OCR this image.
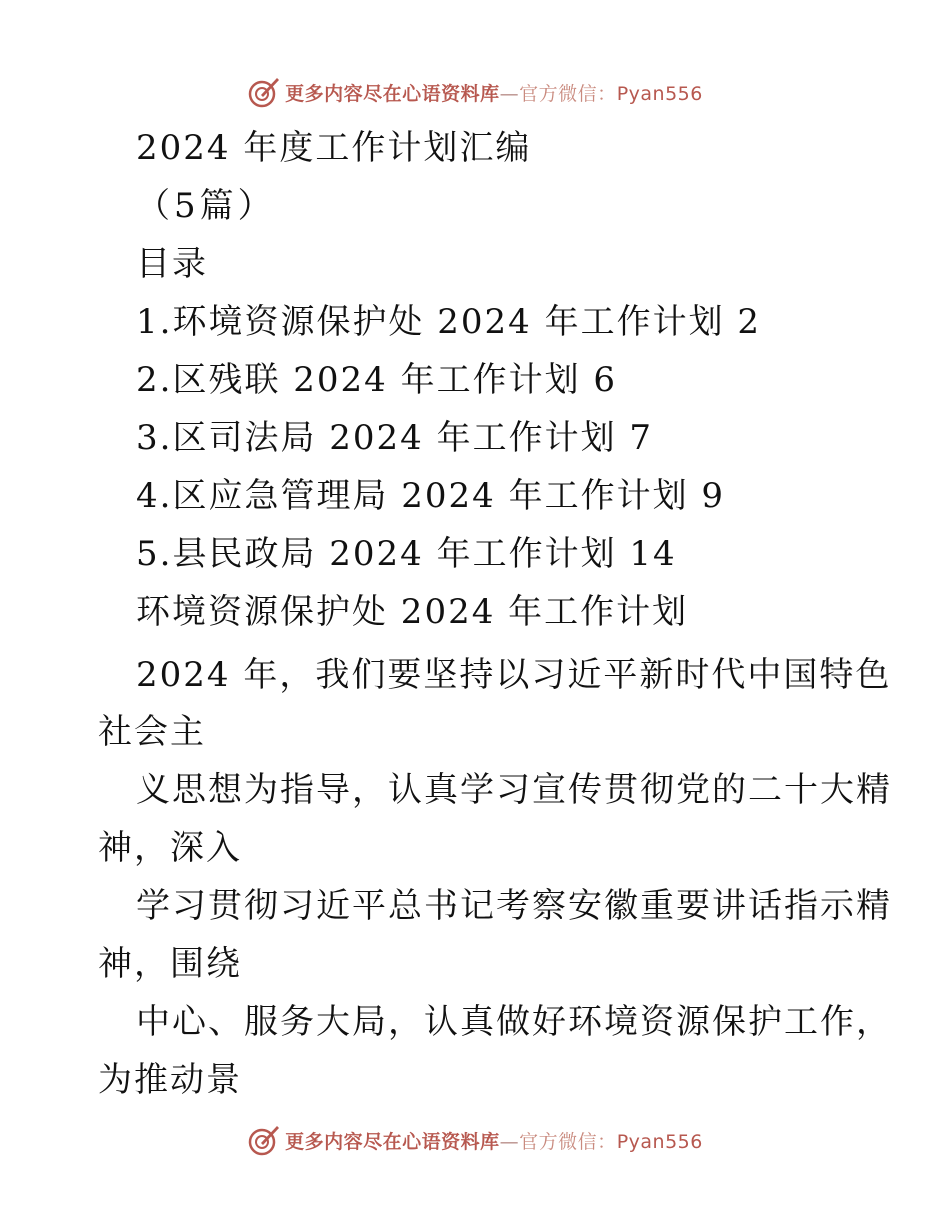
更多内容尽在心语资料库—官方微信：Pyan556
2024 年度工作计划汇编
（5篇）
目录
1.环境资源保护处 2024 年工作计划 2
2.区残联 2024 年工作计划 6
3.区司法局 2024 年工作计划 7
4.区应急管理局 2024 年工作计划 9
5.县民政局 2024 年工作计划 14
环境资源保护处 2024 年工作计划
2024 年，我们要坚持以习近平新时代中国特色
社会主
义思想为指导，认真学习宣传贯彻党的二十大精
神，深入
学习贯彻习近平总书记考察安徽重要讲话指示精
神，围绕
中心、服务大局，认真做好环境资源保护工作，
为推动景
更多内容尽在心语资料库—官方微信：Pyan556
